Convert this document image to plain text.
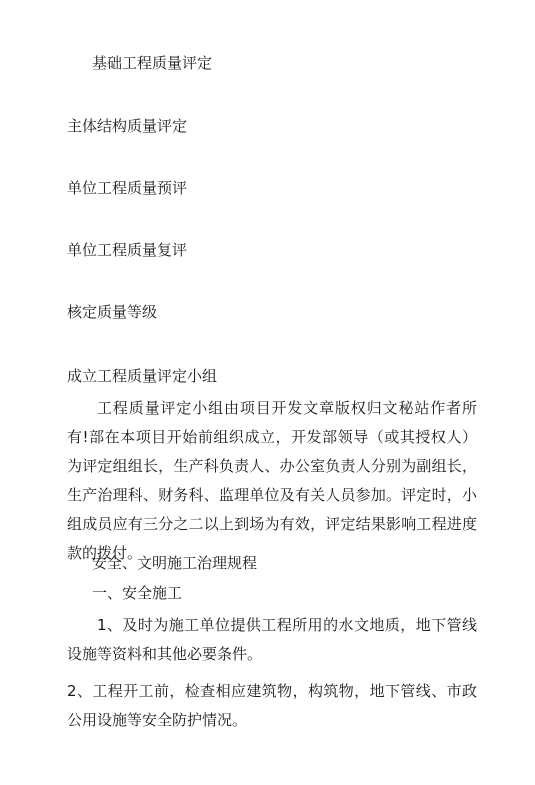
基础工程质量评定
主体结构质量评定
单位工程质量预评
单位工程质量复评
核定质量等级
成立工程质量评定小组
工程质量评定小组由项目开发文章版权归文秘站作者所有!部在本项目开始前组织成立，开发部领导（或其授权人）为评定组组长，生产科负责人、办公室负责人分别为副组长，生产治理科、财务科、监理单位及有关人员参加。评定时，小组成员应有三分之二以上到场为有效，评定结果影响工程进度款的拨付。
安全、文明施工治理规程
一、安全施工
1、及时为施工单位提供工程所用的水文地质，地下管线设施等资料和其他必要条件。
2、工程开工前，检查相应建筑物，构筑物，地下管线、市政公用设施等安全防护情况。
